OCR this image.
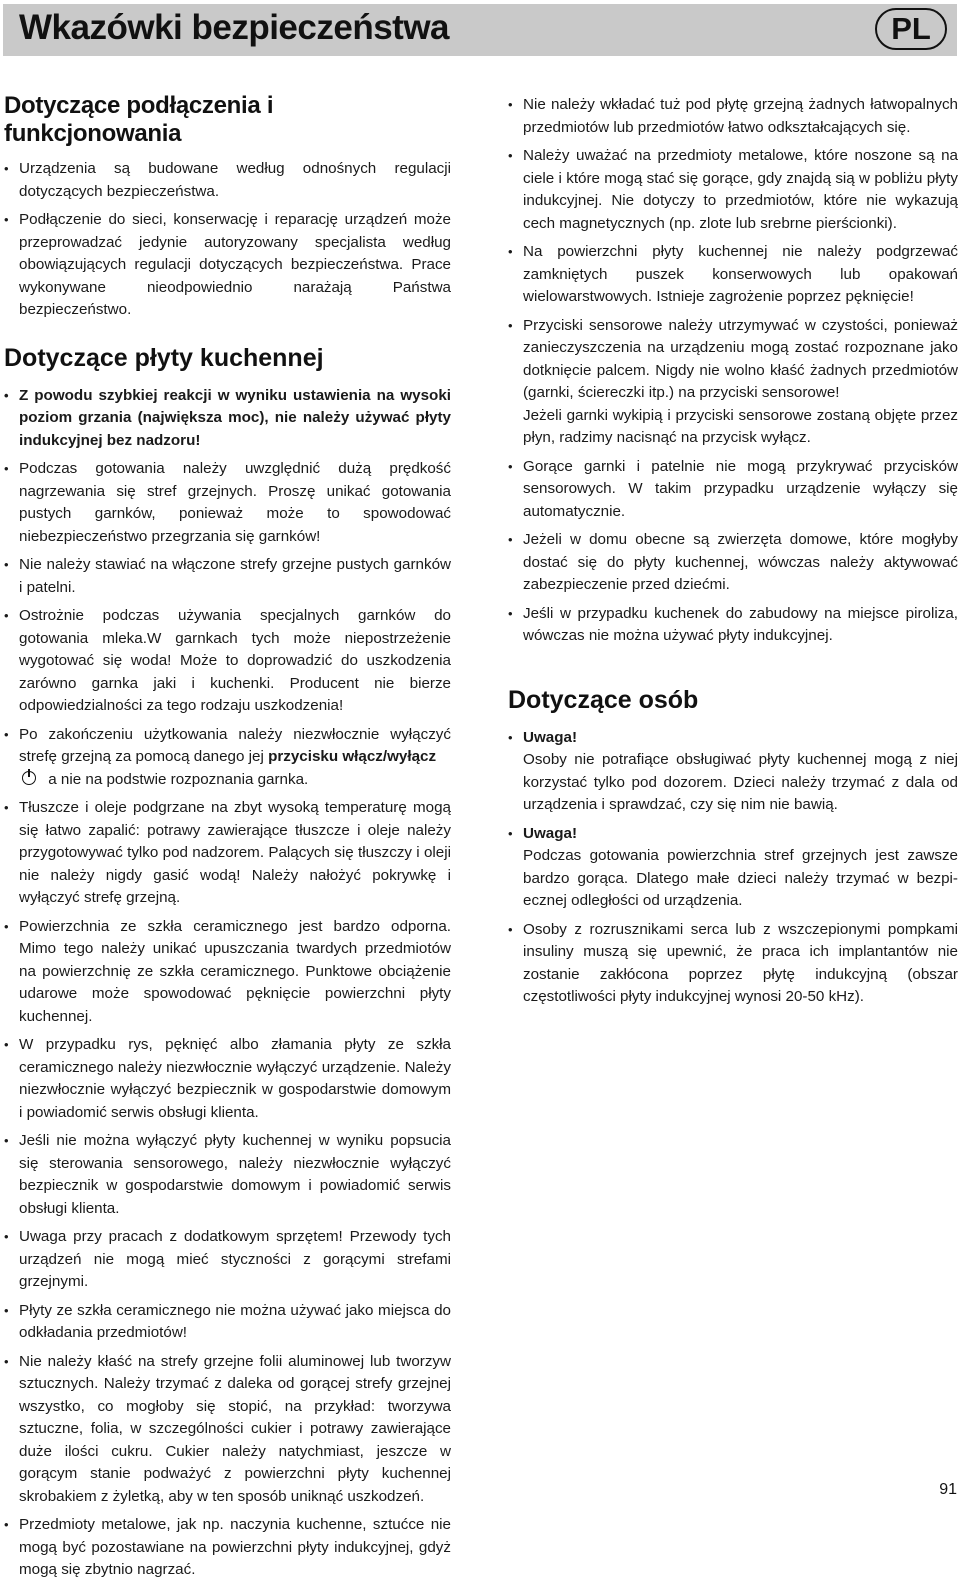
Wkazówki bezpieczeństwa	PL
Dotyczące podłączenia i funkcjonowania
• Urządzenia są budowane według odnośnych regulacji dotyczących bezpieczeństwa.
• Podłączenie do sieci, konserwację i reparację urządzeń może przeprowadzać jedynie autoryzowany specjalista według obowiązujących regulacji dotyczących bezpieczeństwa. Prace wykonywane nieodpowiednio narażają Państwa bezpieczeństwo.
Dotyczące płyty kuchennej
• Z powodu szybkiej reakcji w wyniku ustawienia na wysoki poziom grzania (największa moc), nie należy używać płyty indukcyjnej bez nadzoru!
• Podczas gotowania należy uwzględnić dużą prędkość nagrzewania się stref grzejnych. Proszę unikać gotowania pustych garnków, ponieważ może to spowodować niebezpieczeństwo przegrzania się garnków!
• Nie należy stawiać na włączone strefy grzejne pustych garnków i patelni.
• Ostrożnie podczas używania specjalnych garnków do gotowania mleka.W garnkach tych może niepostrzeżenie wygotować się woda! Może to doprowadzić do uszkodzenia zarówno garnka jaki i kuchenki. Producent nie bierze odpowiedzialności za tego rodzaju uszkodzenia!
• Po zakończeniu użytkowania należy niezwłocznie wyłączyć strefę grzejną za pomocą danego jej przycisku włącz/wyłącz
a nie na podstwie rozpoznania garnka.
• Tłuszcze i oleje podgrzane na zbyt wysoką temperaturę mogą się łatwo zapalić: potrawy zawierające tłuszcze i oleje należy przygotowywać tylko pod nadzorem. Palących się tłuszczy i oleji nie należy nigdy gasić wodą! Należy nałożyć pokrywkę i wyłączyć strefę grzejną.
• Powierzchnia ze szkła ceramicznego jest bardzo odporna. Mimo tego należy unikać upuszczania twardych przedmiotów na powierzchnię ze szkła ceramicznego. Punktowe obciążenie udarowe może spowodować pęknięcie powierzchni płyty kuchennej.
• W przypadku rys, pęknięć albo złamania płyty ze szkła ceramicznego należy niezwłocznie wyłączyć urządzenie. Należy niezwłocznie wyłączyć bezpiecznik w gospodarstwie domowym i powiadomić serwis obsługi klienta.
• Jeśli nie można wyłączyć płyty kuchennej w wyniku popsucia się sterowania sensorowego, należy niezwłocznie wyłączyć bezpiecznik w gospodarstwie domowym i powiadomić serwis obsługi klienta.
• Uwaga przy pracach z dodatkowym sprzętem! Przewody tych urządzeń nie mogą mieć styczności z gorącymi strefami grzejnymi.
• Płyty ze szkła ceramicznego nie można używać jako miejsca do odkładania przedmiotów!
• Nie należy kłaść na strefy grzejne folii aluminowej lub tworzyw sztucznych. Należy trzymać z daleka od gorącej strefy grzejnej wszystko, co mogłoby się stopić, na przykład: tworzywa sztuczne, folia, w szczególności cukier i potrawy zawierające duże ilości cukru. Cukier należy natychmiast, jeszcze w gorącym stanie podważyć z powierzchni płyty kuchennej skrobakiem z żyletką, aby w ten sposób uniknąć uszkodzeń.
• Przedmioty metalowe, jak np. naczynia kuchenne, sztućce nie mogą być pozostawiane na powierzchni płyty indukcyjnej, gdyż mogą się zbytnio nagrzać.
• Nie należy wkładać tuż pod płytę grzejną żadnych łatwopalnych przedmiotów lub przedmiotów łatwo odkształcających się.
• Należy uważać na przedmioty metalowe, które noszone są na ciele i które mogą stać się gorące, gdy znajdą sią w pobliżu płyty indukcyjnej. Nie dotyczy to przedmiotów, które nie wykazują cech magnetycznych (np. zlote lub srebrne pierścionki).
• Na powierzchni płyty kuchennej nie należy podgrzewać zamkniętych puszek konserwowych lub opakowań wielowarstwowych. Istnieje zagrożenie poprzez pęknięcie!
• Przyciski sensorowe należy utrzymywać w czystości, ponieważ zanieczyszczenia na urządzeniu mogą zostać rozpoznane jako dotknięcie palcem. Nigdy nie wolno kłaść żadnych przedmiotów (garnki, ściereczki itp.) na przyciski sensorowe!
Jeżeli garnki wykipią i przyciski sensorowe zostaną objęte przez płyn, radzimy nacisnąć na przycisk wyłącz.
• Gorące garnki i patelnie nie mogą przykrywać przycisków sensorowych. W takim przypadku urządzenie wyłączy się automatycznie.
• Jeżeli w domu obecne są zwierzęta domowe, które mogłyby dostać się do płyty kuchennej, wówczas należy aktywować zabezpieczenie przed dziećmi.
• Jeśli w przypadku kuchenek do zabudowy na miejsce piroliza, wówczas nie można używać płyty indukcyjnej.
Dotyczące osób
• Uwaga!
Osoby nie potrafiące obsługiwać płyty kuchennej mogą z niej korzystać tylko pod dozorem. Dzieci należy trzymać z dala od urządzenia i sprawdzać, czy się nim nie bawią.
• Uwaga!
Podczas gotowania powierzchnia stref grzejnych jest zawsze bardzo gorąca. Dlatego małe dzieci należy trzymać w bezpi-ecznej odległości od urządzenia.
• Osoby z rozrusznikami serca lub z wszczepionymi pompkami insuliny muszą się upewnić, że praca ich implantantów nie zostanie zakłócona poprzez płytę indukcyjną (obszar częstotliwości płyty indukcyjnej wynosi 20-50 kHz).
91
